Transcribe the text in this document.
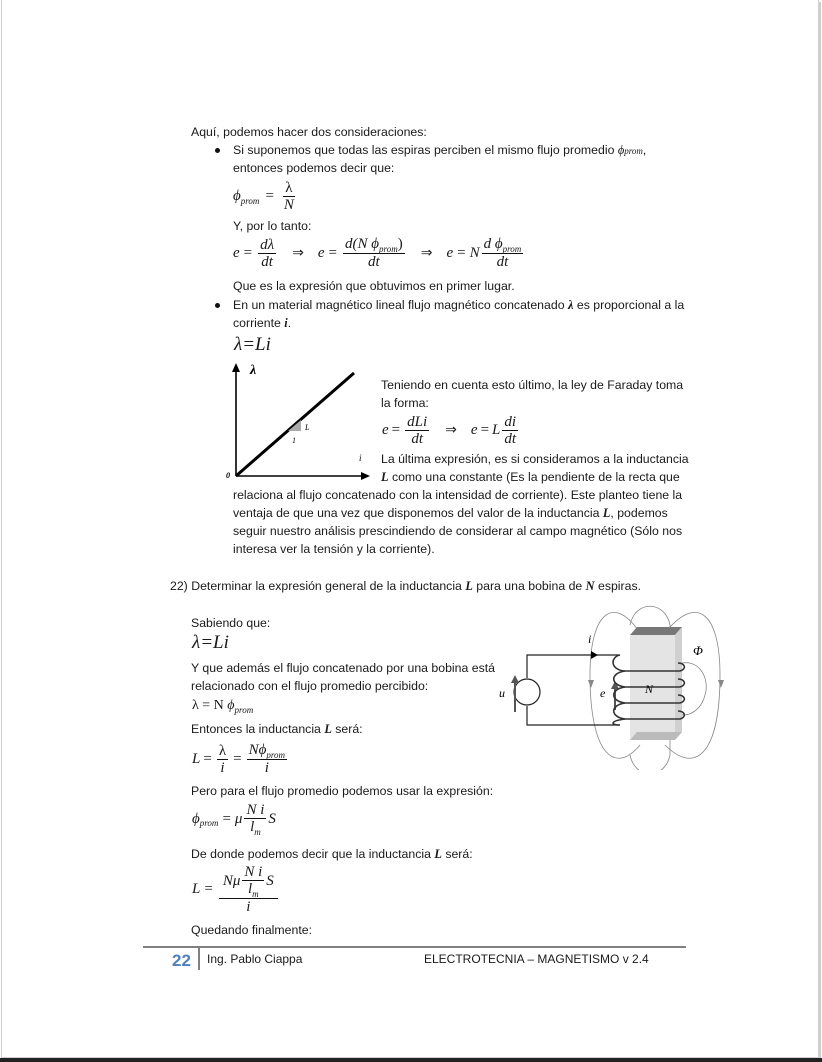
Aquí, podemos hacer dos consideraciones:
Si suponemos que todas las espiras perciben el mismo flujo promedio ϕprom,
entonces podemos decir que:
ϕ prom = $\frac{\lambda}{N}$
Y, por lo tanto:
$e = \frac{d\lambda}{dt}$ ⇒ $e = \frac{d(N \phi_{prom})}{dt}$ ⇒ e = N $\frac{d \phi_{prom}}{dt}$
Que es la expresión que obtuvimos en primer lugar.
En un material magnético lineal flujo magnético concatenado λ es proporcional a la
corriente i.
λ=Li
λ
i
0
L
1
Teniendo en cuenta esto último, la ley de Faraday toma
la forma:
$e = \frac{\text{dLi}}{dt}$ ⇒ e = L $\frac{di}{dt}$
La última expresión, es si consideramos a la inductancia
L como una constante (Es la pendiente de la recta que
relaciona al flujo concatenado con la intensidad de corriente). Este planteo tiene la
ventaja de que una vez que disponemos del valor de la inductancia L, podemos
seguir nuestro análisis prescindiendo de considerar al campo magnético (Sólo nos
interesa ver la tensión y la corriente).
22) Determinar la expresión general de la inductancia L para una bobina de N espiras.
Sabiendo que:
λ=Li
Y que además el flujo concatenado por una bobina está
relacionado con el flujo promedio percibido:
λ = N
ϕ prom
Entonces la inductancia L será:
$L = \frac{\lambda}{i} = \frac{N\phi_{prom}}{i}$
Pero para el flujo promedio podemos usar la expresión:
ϕ prom = μ $\frac{\text{N i}}{l_m}$ S
De donde podemos decir que la inductancia L será:
$L = \frac{N\mu \frac{\text{N i}}{l_m} S}{i}$
Quedando finalmente:
i
u	e	N
Φ
22 Ing. Pablo Ciappa	ELECTROTECNIA – MAGNETISMO v 2.4
